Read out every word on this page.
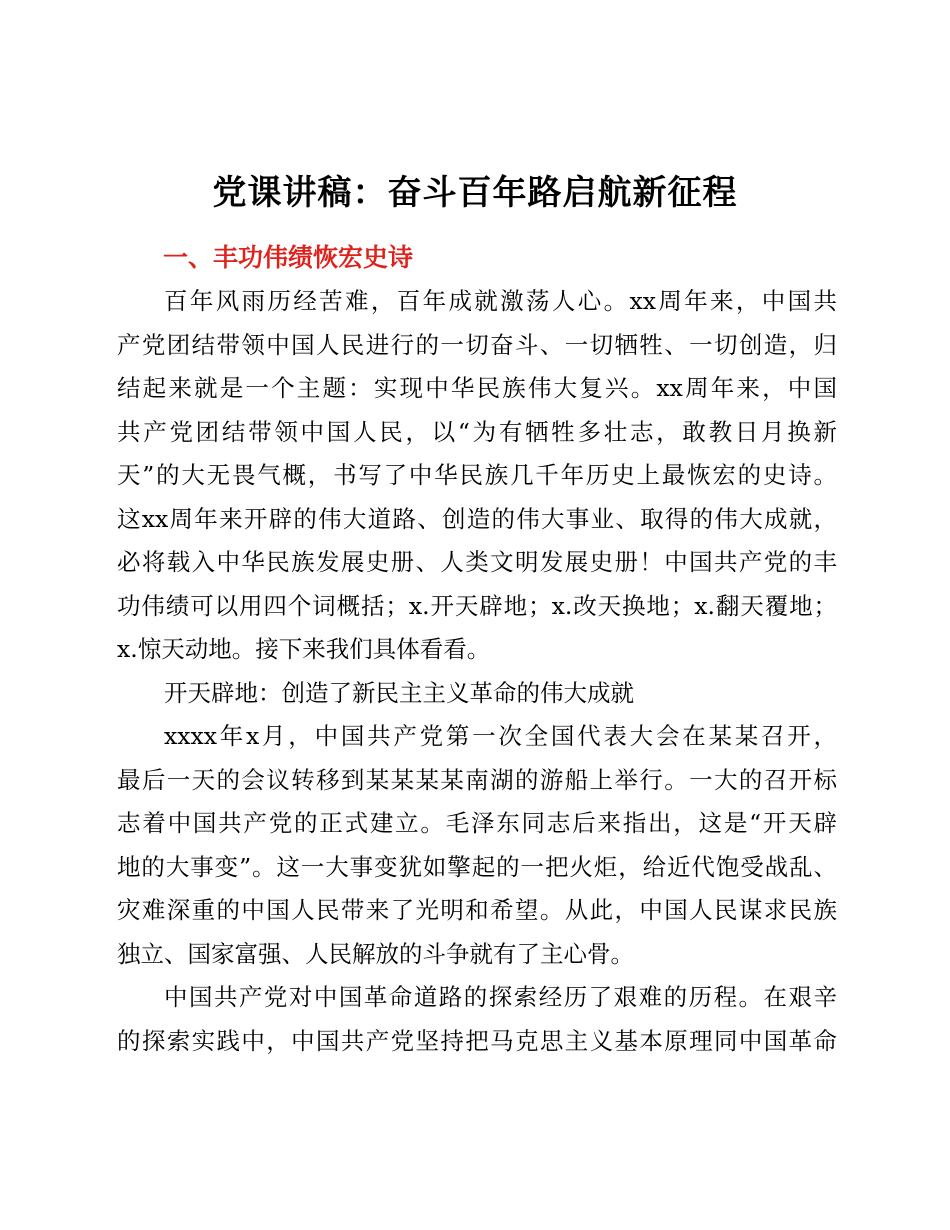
党课讲稿：奋斗百年路启航新征程
一、丰功伟绩恢宏史诗
百年风雨历经苦难，百年成就激荡人心。xx周年来，中国共
产党团结带领中国人民进行的一切奋斗、一切牺牲、一切创造，归
结起来就是一个主题：实现中华民族伟大复兴。xx周年来，中国
共产党团结带领中国人民，以“为有牺牲多壮志，敢教日月换新
天”的大无畏气概，书写了中华民族几千年历史上最恢宏的史诗。
这xx周年来开辟的伟大道路、创造的伟大事业、取得的伟大成就，
必将载入中华民族发展史册、人类文明发展史册！中国共产党的丰
功伟绩可以用四个词概括；x.开天辟地；x.改天换地；x.翻天覆地；
x.惊天动地。接下来我们具体看看。
开天辟地：创造了新民主主义革命的伟大成就
xxxx年x月，中国共产党第一次全国代表大会在某某召开，
最后一天的会议转移到某某某某南湖的游船上举行。一大的召开标
志着中国共产党的正式建立。毛泽东同志后来指出，这是“开天辟
地的大事变”。这一大事变犹如擎起的一把火炬，给近代饱受战乱、
灾难深重的中国人民带来了光明和希望。从此，中国人民谋求民族
独立、国家富强、人民解放的斗争就有了主心骨。
中国共产党对中国革命道路的探索经历了艰难的历程。在艰辛
的探索实践中，中国共产党坚持把马克思主义基本原理同中国革命
